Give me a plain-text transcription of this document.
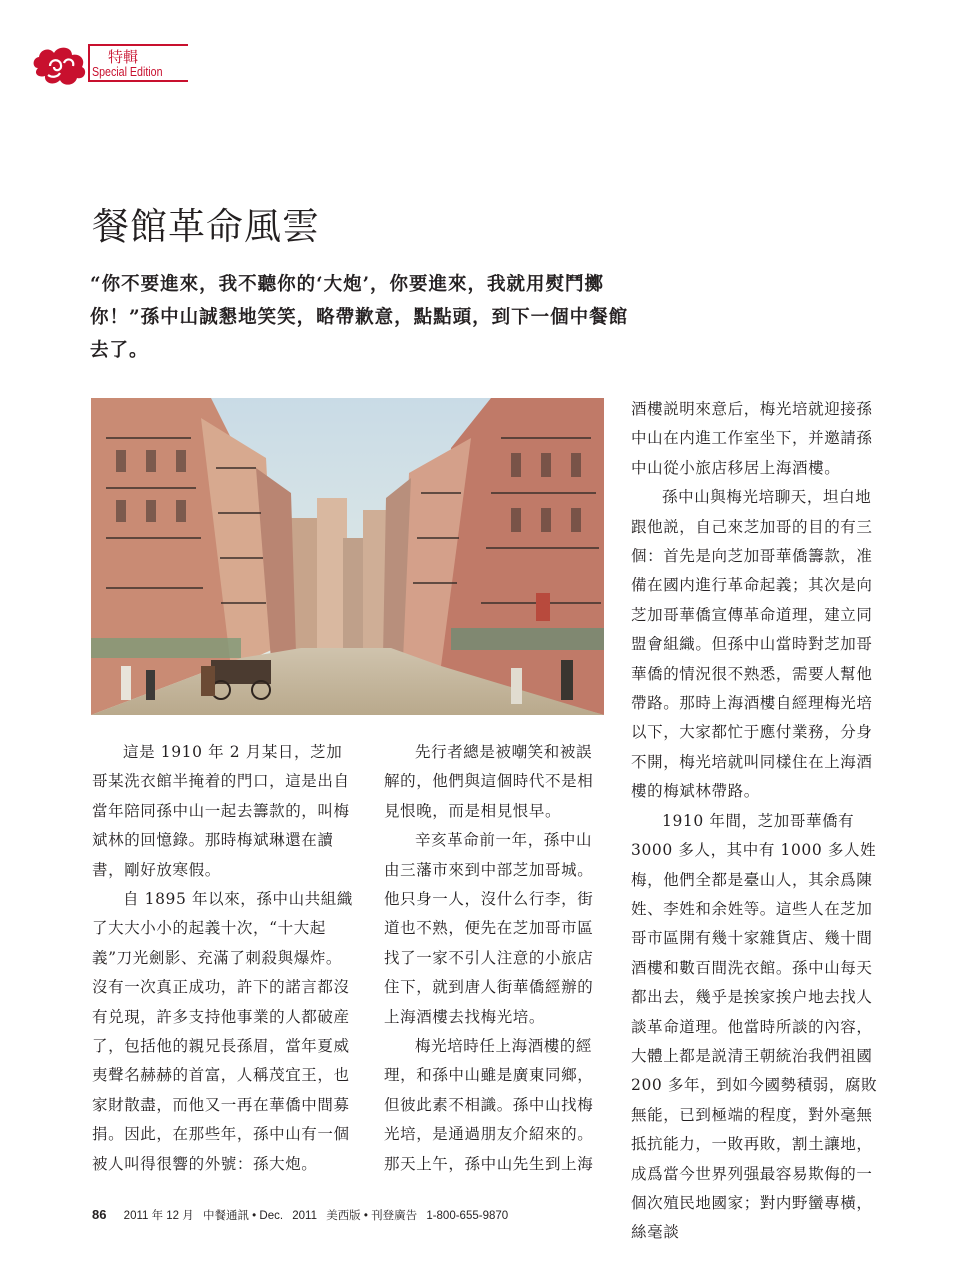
特輯
Special Edition
餐館革命風雲

“你不要進來，我不聽你的‘大炮’，你要進來，我就用熨鬥擲你！”孫中山誠懇地笑笑，略帶歉意，點點頭，到下一個中餐館去了。

這是 1910 年 2 月某日，芝加哥某洗衣館半掩着的門口，這是出自當年陪同孫中山一起去籌款的，叫梅斌林的回憶錄。那時梅斌琳還在讀書，剛好放寒假。

自 1895 年以來，孫中山共組織了大大小小的起義十次，“十大起義”刀光劍影、充滿了刺殺與爆炸。沒有一次真正成功，許下的諾言都沒有兑現，許多支持他事業的人都破産了，包括他的親兄長孫眉，當年夏威夷聲名赫赫的首富，人稱茂宜王，也家財散盡，而他又一再在華僑中間募捐。因此，在那些年，孫中山有一個被人叫得很響的外號：孫大炮。

先行者總是被嘲笑和被誤解的，他們與這個時代不是相見恨晚，而是相見恨早。

辛亥革命前一年，孫中山由三藩市來到中部芝加哥城。他只身一人，沒什么行李，街道也不熟，便先在芝加哥市區找了一家不引人注意的小旅店住下，就到唐人街華僑經辦的上海酒樓去找梅光培。

梅光培時任上海酒樓的經理，和孫中山雖是廣東同鄉，但彼此素不相識。孫中山找梅光培，是通過朋友介紹來的。那天上午，孫中山先生到上海

酒樓説明來意后，梅光培就迎接孫中山在内進工作室坐下，并邀請孫中山從小旅店移居上海酒樓。

孫中山與梅光培聊天，坦白地跟他説，自己來芝加哥的目的有三個：首先是向芝加哥華僑籌款，准備在國内進行革命起義；其次是向芝加哥華僑宣傳革命道理，建立同盟會組織。但孫中山當時對芝加哥華僑的情況很不熟悉，需要人幫他帶路。那時上海酒樓自經理梅光培以下，大家都忙于應付業務，分身不開，梅光培就叫同樣住在上海酒樓的梅斌林帶路。

1910 年間，芝加哥華僑有 3000 多人，其中有 1000 多人姓梅，他們全都是臺山人，其余爲陳姓、李姓和余姓等。這些人在芝加哥市區開有幾十家雜貨店、幾十間酒樓和數百間洗衣館。孫中山每天都出去，幾乎是挨家挨户地去找人談革命道理。他當時所談的內容，大體上都是説清王朝統治我們祖國 200 多年，到如今國勢積弱，腐敗無能，已到極端的程度，對外毫無抵抗能力，一敗再敗，割土讓地，成爲當今世界列强最容易欺侮的一個次殖民地國家；對内野蠻專橫，絲毫談

86 2011 年 12 月 中餐通訊 • Dec. 2011 美西版 • 刊登廣告 1-800-655-9870
